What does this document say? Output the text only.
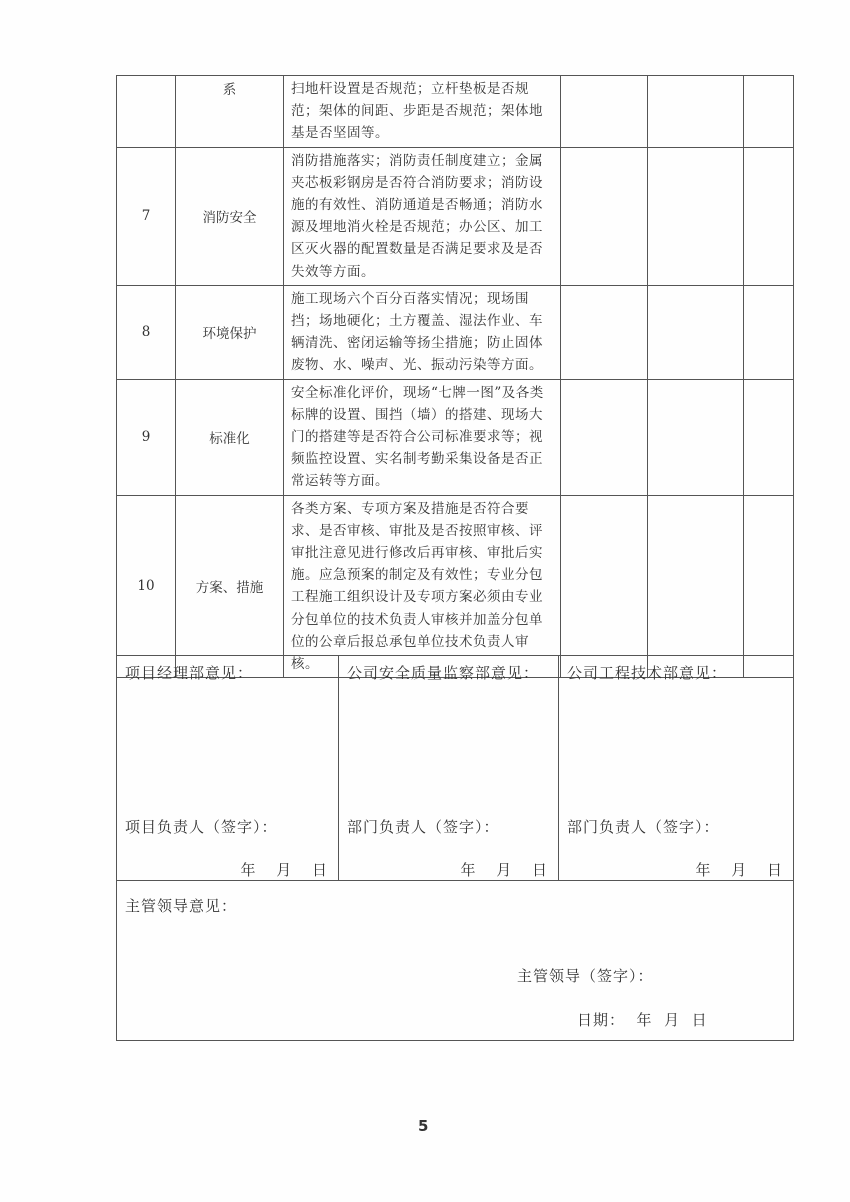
	系	扫地杆设置是否规范；立杆垫板是否规范；架体的间距、步距是否规范；架体地基是否坚固等。			
7	消防安全	消防措施落实；消防责任制度建立；金属夹芯板彩钢房是否符合消防要求；消防设施的有效性、消防通道是否畅通；消防水源及埋地消火栓是否规范；办公区、加工区灭火器的配置数量是否满足要求及是否失效等方面。			
8	环境保护	施工现场六个百分百落实情况；现场围挡；场地硬化；土方覆盖、湿法作业、车辆清洗、密闭运输等扬尘措施；防止固体废物、水、噪声、光、振动污染等方面。			
9	标准化	安全标准化评价，现场“七牌一图”及各类标牌的设置、围挡（墙）的搭建、现场大门的搭建等是否符合公司标准要求等；视频监控设置、实名制考勤采集设备是否正常运转等方面。			
10	方案、措施	各类方案、专项方案及措施是否符合要求、是否审核、审批及是否按照审核、评审批注意见进行修改后再审核、审批后实施。应急预案的制定及有效性；专业分包工程施工组织设计及专项方案必须由专业分包单位的技术负责人审核并加盖分包单位的公章后报总承包单位技术负责人审核。			
项目经理部意见：
项目负责人（签字）：
年 月 日
公司安全质量监察部意见：
部门负责人（签字）：
年 月 日
公司工程技术部意见：
部门负责人（签字）：
年 月 日
主管领导意见：
主管领导（签字）：
日期：  年  月  日
5
